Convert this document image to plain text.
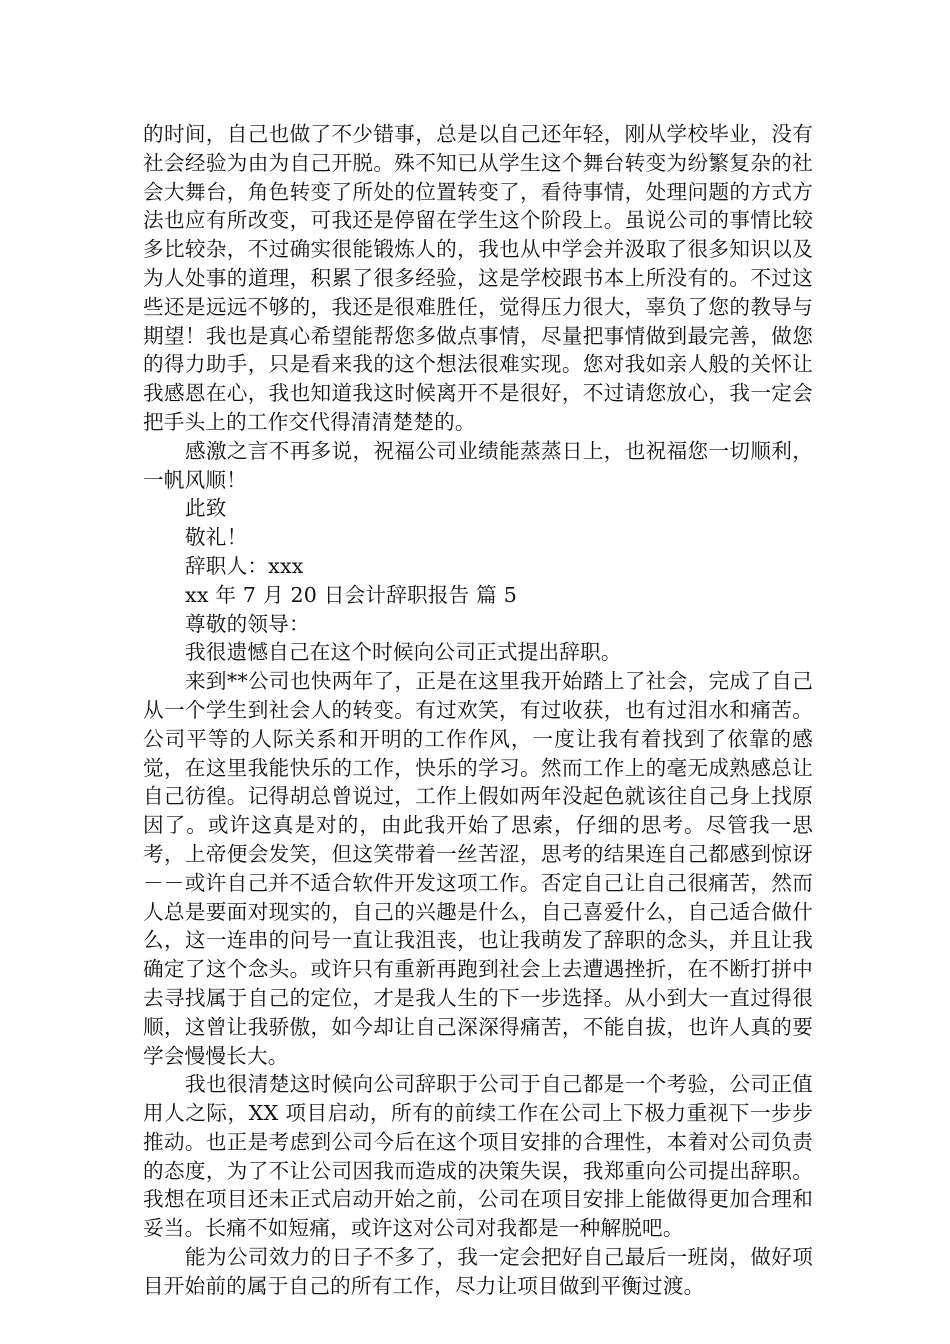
的时间，自己也做了不少错事，总是以自己还年轻，刚从学校毕业，没有社会经验为由为自己开脱。殊不知已从学生这个舞台转变为纷繁复杂的社会大舞台，角色转变了所处的位置转变了，看待事情，处理问题的方式方法也应有所改变，可我还是停留在学生这个阶段上。虽说公司的事情比较多比较杂，不过确实很能锻炼人的，我也从中学会并汲取了很多知识以及为人处事的道理，积累了很多经验，这是学校跟书本上所没有的。不过这些还是远远不够的，我还是很难胜任，觉得压力很大，辜负了您的教导与期望！我也是真心希望能帮您多做点事情，尽量把事情做到最完善，做您的得力助手，只是看来我的这个想法很难实现。您对我如亲人般的关怀让我感恩在心，我也知道我这时候离开不是很好，不过请您放心，我一定会把手头上的工作交代得清清楚楚的。

感激之言不再多说，祝福公司业绩能蒸蒸日上，也祝福您一切顺利，一帆风顺！

此致

敬礼！

辞职人：xxx

xx 年 7 月 20 日会计辞职报告 篇 5

尊敬的领导：

我很遗憾自己在这个时候向公司正式提出辞职。

来到**公司也快两年了，正是在这里我开始踏上了社会，完成了自己从一个学生到社会人的转变。有过欢笑，有过收获，也有过泪水和痛苦。公司平等的人际关系和开明的工作作风，一度让我有着找到了依靠的感觉，在这里我能快乐的工作，快乐的学习。然而工作上的毫无成熟感总让自己彷徨。记得胡总曾说过，工作上假如两年没起色就该往自己身上找原因了。或许这真是对的，由此我开始了思索，仔细的思考。尽管我一思考，上帝便会发笑，但这笑带着一丝苦涩，思考的结果连自己都感到惊讶－－或许自己并不适合软件开发这项工作。否定自己让自己很痛苦，然而人总是要面对现实的，自己的兴趣是什么，自己喜爱什么，自己适合做什么，这一连串的问号一直让我沮丧，也让我萌发了辞职的念头，并且让我确定了这个念头。或许只有重新再跑到社会上去遭遇挫折，在不断打拼中去寻找属于自己的定位，才是我人生的下一步选择。从小到大一直过得很顺，这曾让我骄傲，如今却让自己深深得痛苦，不能自拔，也许人真的要学会慢慢长大。

我也很清楚这时候向公司辞职于公司于自己都是一个考验，公司正值用人之际，XX 项目启动，所有的前续工作在公司上下极力重视下一步步推动。也正是考虑到公司今后在这个项目安排的合理性，本着对公司负责的态度，为了不让公司因我而造成的决策失误，我郑重向公司提出辞职。我想在项目还未正式启动开始之前，公司在项目安排上能做得更加合理和妥当。长痛不如短痛，或许这对公司对我都是一种解脱吧。

能为公司效力的日子不多了，我一定会把好自己最后一班岗，做好项目开始前的属于自己的所有工作，尽力让项目做到平衡过渡。
